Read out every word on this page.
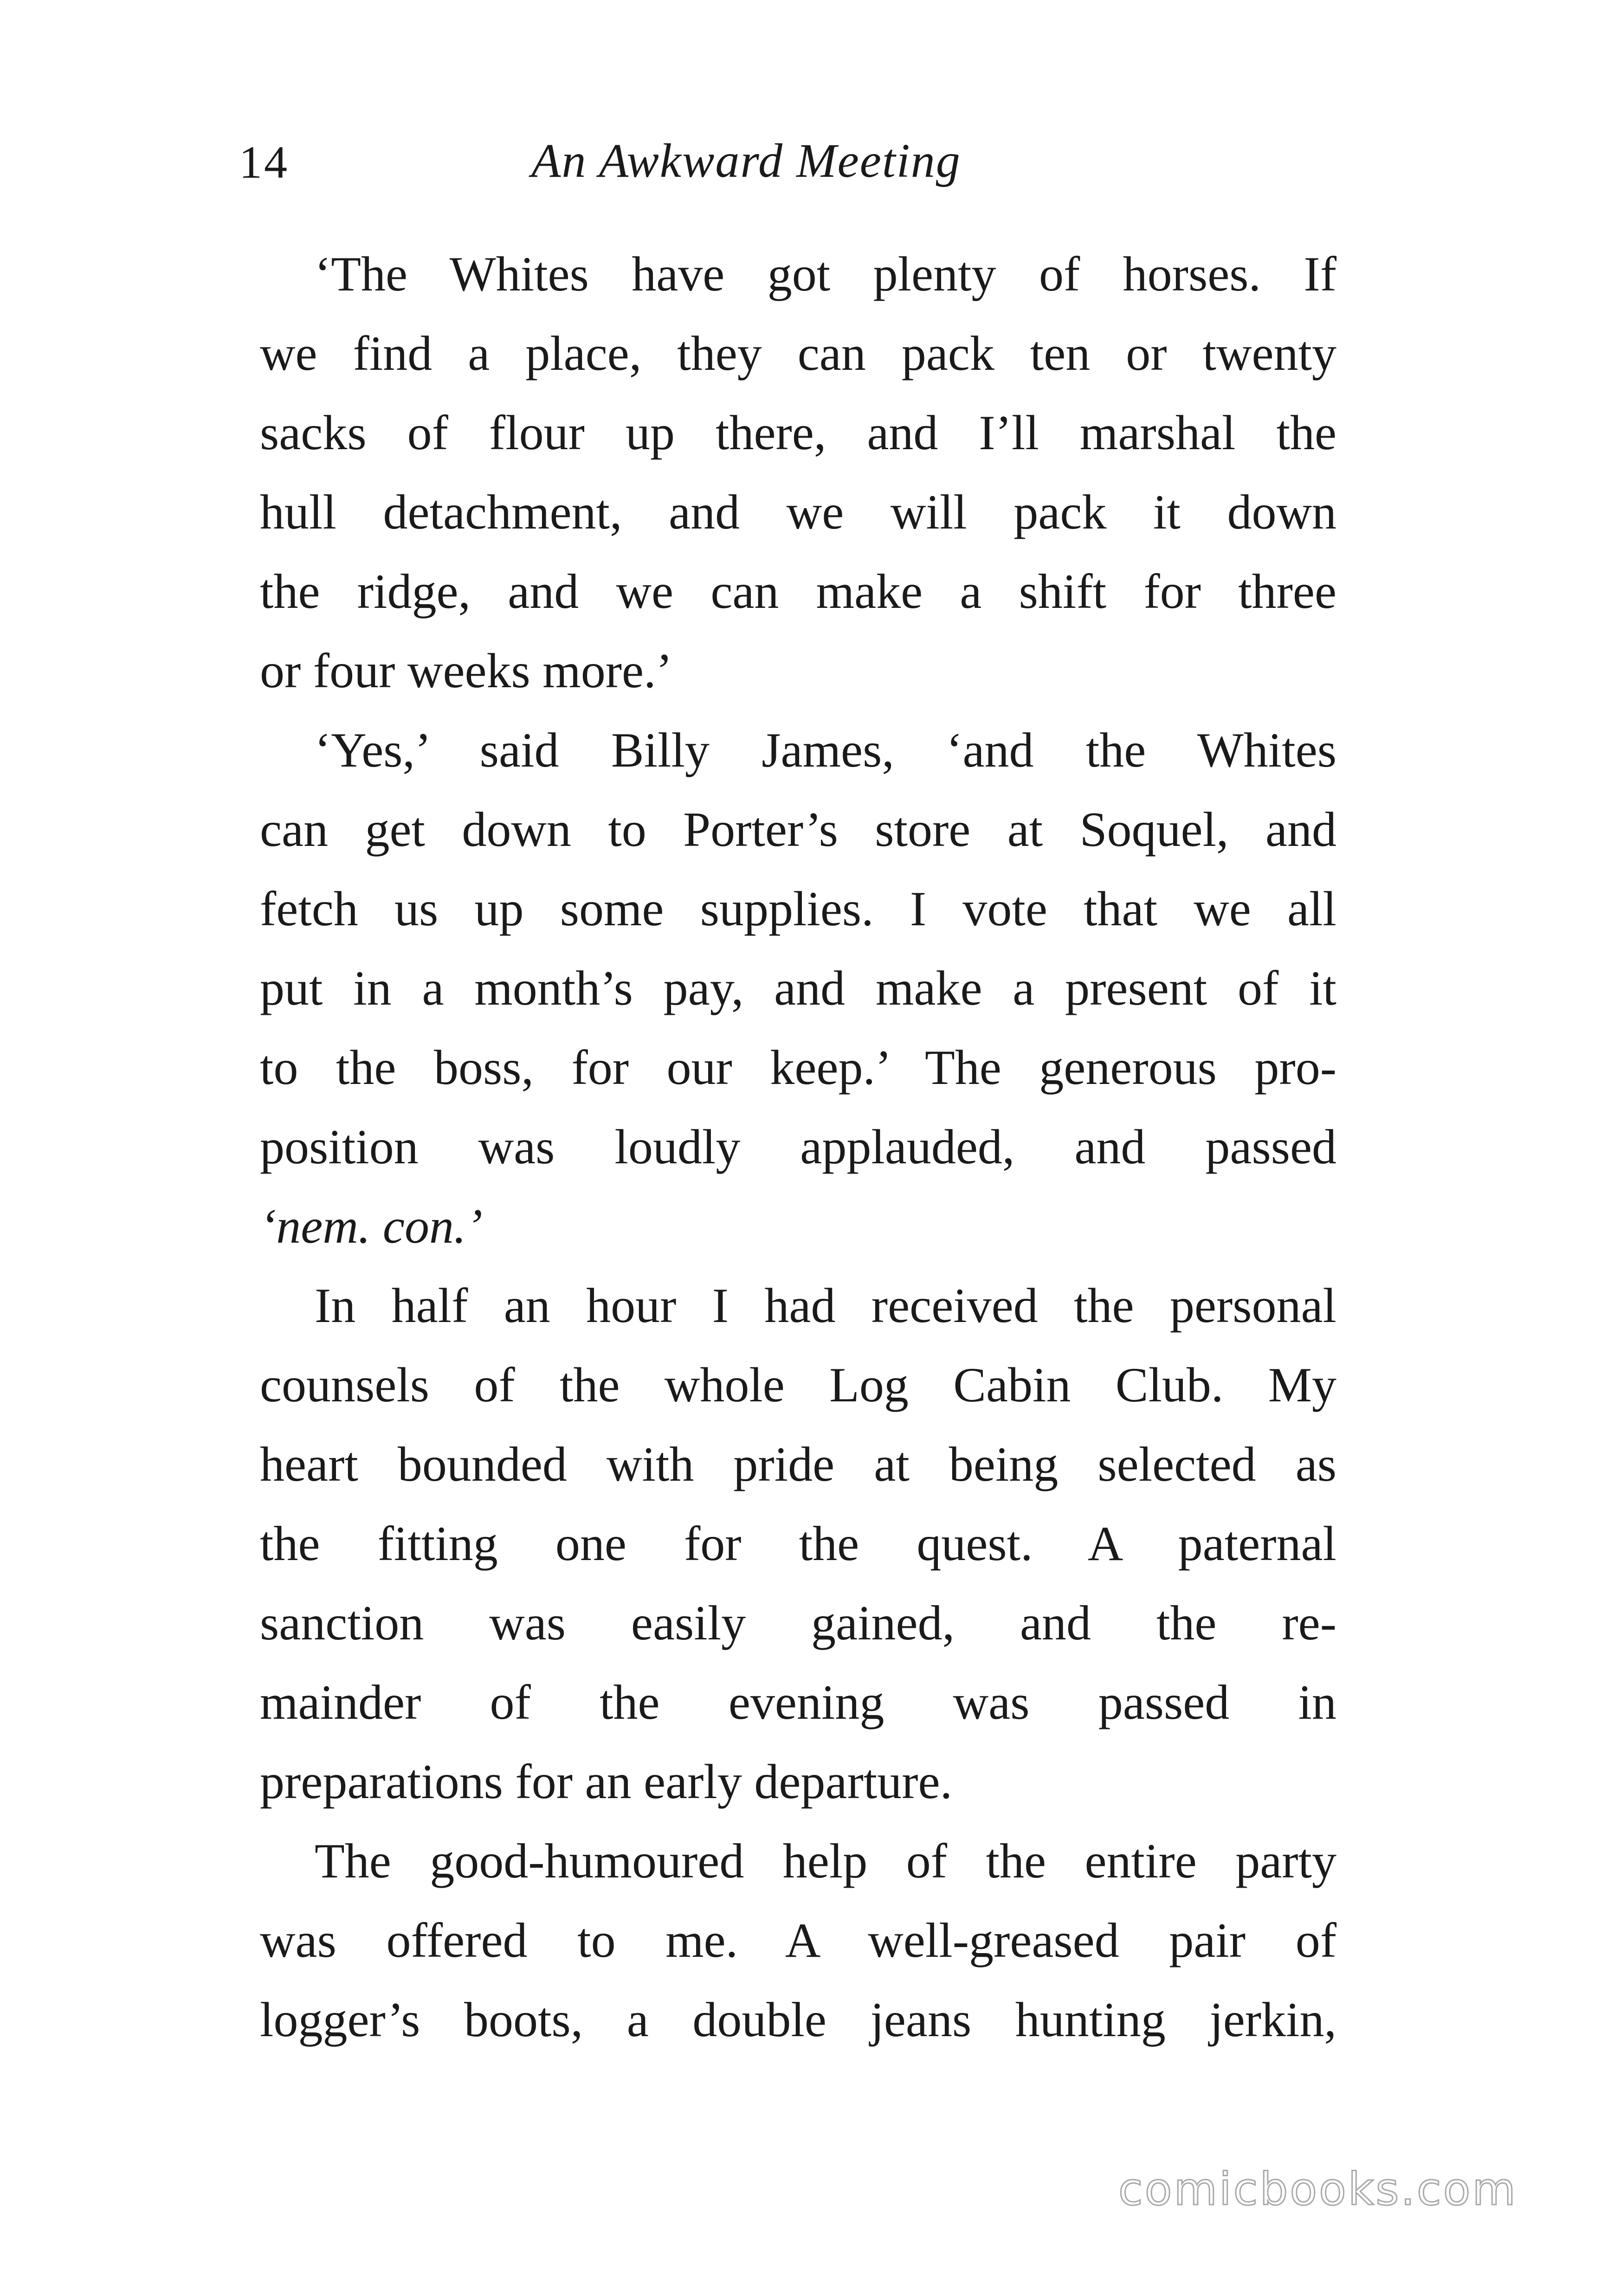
14	An Awkward Meeting
‘The Whites have got plenty of horses. If
we find a place, they can pack ten or twenty
sacks of flour up there, and I’ll marshal the
hull detachment, and we will pack it down
the ridge, and we can make a shift for three
or four weeks more.’
‘Yes,’ said Billy James, ‘and the Whites
can get down to Porter’s store at Soquel, and
fetch us up some supplies. I vote that we all
put in a month’s pay, and make a present of it
to the boss, for our keep.’ The generous pro-
position was loudly applauded, and passed
‘nem. con.’
In half an hour I had received the personal
counsels of the whole Log Cabin Club. My
heart bounded with pride at being selected as
the fitting one for the quest. A paternal
sanction was easily gained, and the re-
mainder of the evening was passed in
preparations for an early departure.
The good-humoured help of the entire party
was offered to me. A well-greased pair of
logger’s boots, a double jeans hunting jerkin,
comicbooks.com
